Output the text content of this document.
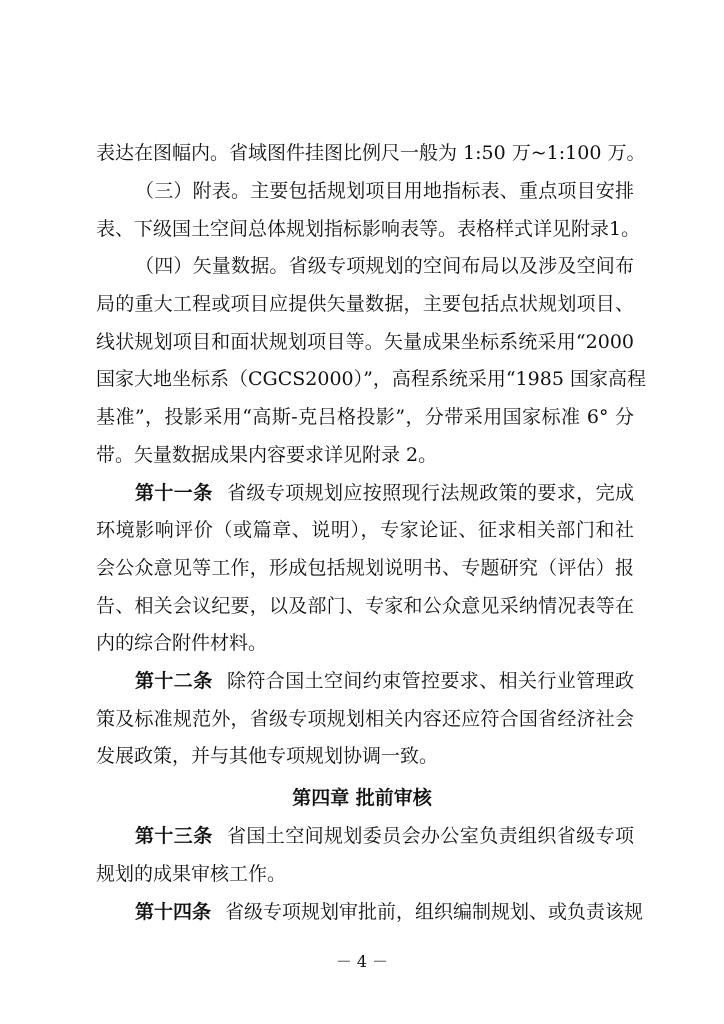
表达在图幅内。省域图件挂图比例尺一般为 1:50 万~1:100 万。
（三）附表。主要包括规划项目用地指标表、重点项目安排
表、下级国土空间总体规划指标影响表等。表格样式详见附录1。
（四）矢量数据。省级专项规划的空间布局以及涉及空间布
局的重大工程或项目应提供矢量数据，主要包括点状规划项目、
线状规划项目和面状规划项目等。矢量成果坐标系统采用“2000
国家大地坐标系（CGCS2000）”，高程系统采用“1985 国家高程
基准”，投影采用“高斯-克吕格投影”，分带采用国家标准 6° 分
带。矢量数据成果内容要求详见附录 2。
第十一条 省级专项规划应按照现行法规政策的要求，完成
环境影响评价（或篇章、说明），专家论证、征求相关部门和社
会公众意见等工作，形成包括规划说明书、专题研究（评估）报
告、相关会议纪要，以及部门、专家和公众意见采纳情况表等在
内的综合附件材料。
第十二条 除符合国土空间约束管控要求、相关行业管理政
策及标准规范外，省级专项规划相关内容还应符合国省经济社会
发展政策，并与其他专项规划协调一致。
第四章 批前审核
第十三条 省国土空间规划委员会办公室负责组织省级专项
规划的成果审核工作。
第十四条 省级专项规划审批前，组织编制规划、或负责该规
－ 4 －
